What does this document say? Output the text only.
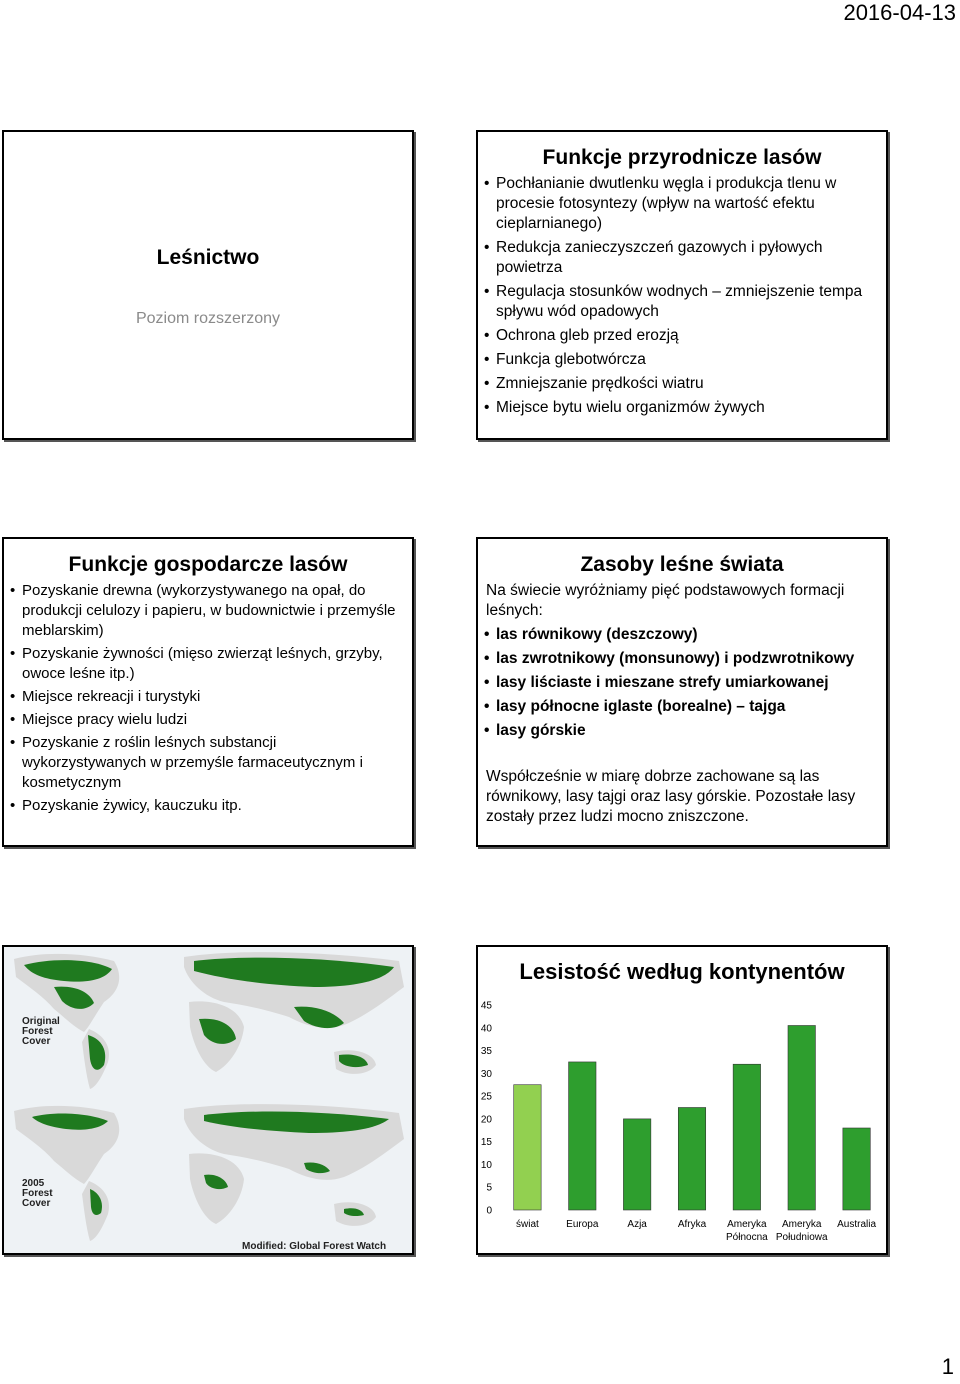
2016-04-13
Leśnictwo
Poziom rozszerzony
Funkcje przyrodnicze lasów
• Pochłanianie dwutlenku węgla i produkcja tlenu w procesie fotosyntezy (wpływ na wartość efektu cieplarnianego)
• Redukcja zanieczyszczeń gazowych i pyłowych powietrza
• Regulacja stosunków wodnych – zmniejszenie tempa spływu wód opadowych
• Ochrona gleb przed erozją
• Funkcja glebotwórcza
• Zmniejszanie prędkości wiatru
• Miejsce bytu wielu organizmów żywych
Funkcje gospodarcze lasów
• Pozyskanie drewna (wykorzystywanego na opał, do produkcji celulozy i papieru, w budownictwie i przemyśle meblarskim)
• Pozyskanie żywności (mięso zwierząt leśnych, grzyby, owoce leśne itp.)
• Miejsce rekreacji i turystyki
• Miejsce pracy wielu ludzi
• Pozyskanie z roślin leśnych substancji wykorzystywanych w przemyśle farmaceutycznym i kosmetycznym
• Pozyskanie żywicy, kauczuku itp.
Zasoby leśne świata
Na świecie wyróżniamy pięć podstawowych formacji leśnych:
• las równikowy (deszczowy)
• las zwrotnikowy (monsunowy) i podzwrotnikowy
• lasy liściaste i mieszane strefy umiarkowanej
• lasy północne iglaste (borealne) – tajga
• lasy górskie
Współcześnie w miarę dobrze zachowane są las równikowy, lasy tajgi oraz lasy górskie. Pozostałe lasy zostały przez ludzi mocno zniszczone.
Original
Forest
Cover
2005
Forest
Cover
Modified: Global Forest Watch
Lesistość według kontynentów
0
5
10
15
20
25
30
35
40
45
świat	Europa	Azja	Afryka Ameryka
Północna
Ameryka
Południowa
Australia
1
